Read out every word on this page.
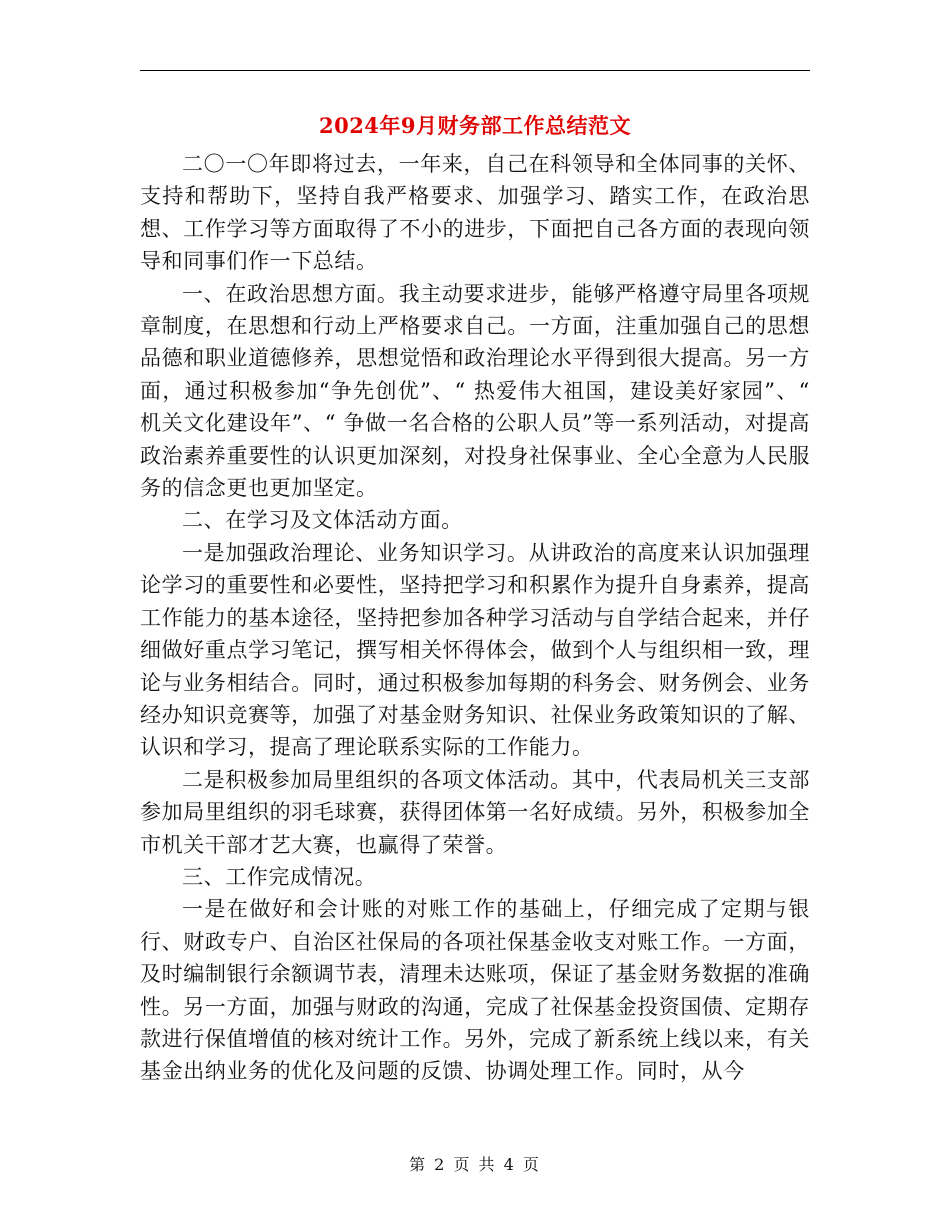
2024年9月财务部工作总结范文

二〇一〇年即将过去，一年来，自己在科领导和全体同事的关怀、支持和帮助下，坚持自我严格要求、加强学习、踏实工作，在政治思想、工作学习等方面取得了不小的进步，下面把自己各方面的表现向领导和同事们作一下总结。

一、在政治思想方面。我主动要求进步，能够严格遵守局里各项规章制度，在思想和行动上严格要求自己。一方面，注重加强自己的思想品德和职业道德修养，思想觉悟和政治理论水平得到很大提高。另一方面，通过积极参加“争先创优”、“ 热爱伟大祖国，建设美好家园”、“ 机关文化建设年”、“ 争做一名合格的公职人员”等一系列活动，对提高政治素养重要性的认识更加深刻，对投身社保事业、全心全意为人民服务的信念更也更加坚定。

二、在学习及文体活动方面。

一是加强政治理论、业务知识学习。从讲政治的高度来认识加强理论学习的重要性和必要性，坚持把学习和积累作为提升自身素养，提高工作能力的基本途径，坚持把参加各种学习活动与自学结合起来，并仔细做好重点学习笔记，撰写相关怀得体会，做到个人与组织相一致，理论与业务相结合。同时，通过积极参加每期的科务会、财务例会、业务经办知识竞赛等，加强了对基金财务知识、社保业务政策知识的了解、认识和学习，提高了理论联系实际的工作能力。

二是积极参加局里组织的各项文体活动。其中，代表局机关三支部参加局里组织的羽毛球赛，获得团体第一名好成绩。另外，积极参加全市机关干部才艺大赛，也赢得了荣誉。

三、工作完成情况。

一是在做好和会计账的对账工作的基础上，仔细完成了定期与银行、财政专户、自治区社保局的各项社保基金收支对账工作。一方面，及时编制银行余额调节表，清理未达账项，保证了基金财务数据的准确性。另一方面，加强与财政的沟通，完成了社保基金投资国债、定期存款进行保值增值的核对统计工作。另外，完成了新系统上线以来，有关基金出纳业务的优化及问题的反馈、协调处理工作。同时，从今

第 2 页 共 4 页
